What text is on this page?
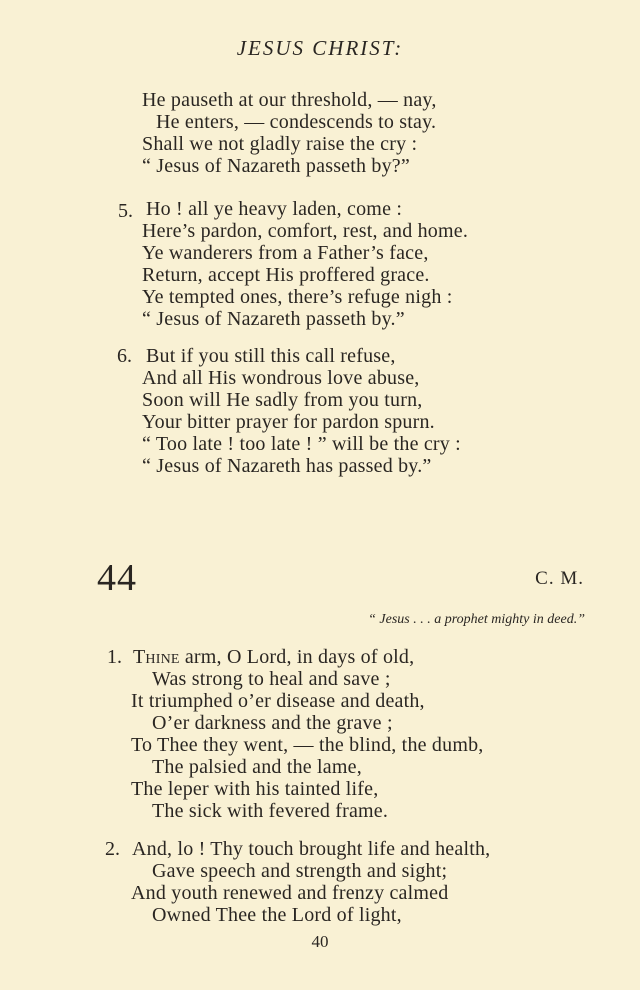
JESUS CHRIST:
He pauseth at our threshold, — nay,
He enters, — condescends to stay.
Shall we not gladly raise the cry :
“ Jesus of Nazareth passeth by?”
5. Ho ! all ye heavy laden, come :
Here’s pardon, comfort, rest, and home.
Ye wanderers from a Father’s face,
Return, accept His proffered grace.
Ye tempted ones, there’s refuge nigh :
“ Jesus of Nazareth passeth by.”
6. But if you still this call refuse,
And all His wondrous love abuse,
Soon will He sadly from you turn,
Your bitter prayer for pardon spurn.
“ Too late ! too late ! ” will be the cry :
“ Jesus of Nazareth has passed by.”
44	C. M.
“ Jesus . . . a prophet mighty in deed.”
1. Thine arm, O Lord, in days of old,
Was strong to heal and save ;
It triumphed o’er disease and death,
O’er darkness and the grave ;
To Thee they went, — the blind, the dumb,
The palsied and the lame,
The leper with his tainted life,
The sick with fevered frame.
2. And, lo ! Thy touch brought life and health,
Gave speech and strength and sight;
And youth renewed and frenzy calmed
Owned Thee the Lord of light,
40
